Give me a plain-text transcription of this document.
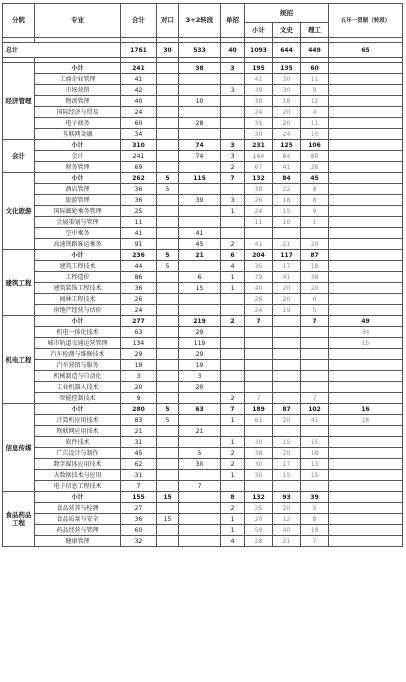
分院	专业	合计	对口	3+2转段	单招	统招			五年一贯制（转段）
						小计	文史	理工	

总计		1761	30	533	40	1093	644	449	65

经济管理	小计	241		38	3	195	135	60	
	工商企业管理	41				41	30	11	
	市场营销	42			3	39	30	9	
	物流管理	40		10		30	18	12	
	国际经济与贸易	24				24	20	4	
	电子商务	60		28		31	20	11	
	互联网金融	34				30	24	10	
会计	小计	310		74	3	231	125	106	
	会计	241		74	3	164	84	80	
	财务管理	69			2	67	41	26	
文化旅游	小计	262	5	115	7	132	84	45	
	酒店管理	36	5			30	22	8	
	旅游管理	36		39	3	26	18	8	
	国际邮轮乘务管理	25			1	24	15	9	
	会展策划与管理	11				11	10	1	
	空中乘务	41		41					
	高速铁路客运乘务	91		45	2	41	21	20	
建筑工程	小计	236	5	21	6	204	117	87	
	建筑工程技术	44	5		4	35	17	18	
	工程造价	86		6	1	79	41	38	
	建筑装饰工程技术	36		15	1	40	20	20	
	园林工程技术	26				26	20	6	
	房地产经营与估价	24				24	19	5	
机电工程	小计	277		219	2	7		7	49
	机电一体化技术	63		29					34
	城市轨道交通运营管理	134		119					15
	汽车检测与维修技术	29		29					
	汽车营销与服务	19		19					
	机械制造与自动化	3		3					
	工业机器人技术	20		20					
	智能控制技术	9			2	7		7	
信息传媒	小计	280	5	63	7	189	87	102	16
	计算机应用技术	83	5		1	61	20	41	16
	物联网应用技术	21		21					
	软件技术	31			1	30	15	15	
	广告设计与制作	45		5	2	38	20	18	
	数字媒体应用技术	62		30	2	30	17	13	
	大数据技术与应用	31			1	30	15	15	
	电子信息工程技术	7		7					
食品药品工程	小计	155	15		8	132	93	39	
	食品营养与检测	27			2	25	20	5	
	食品质量与安全	36	15		1	20	12	8	
	药品经营与管理	60			1	59	40	19	
	健康管理	32			4	28	21	7	
